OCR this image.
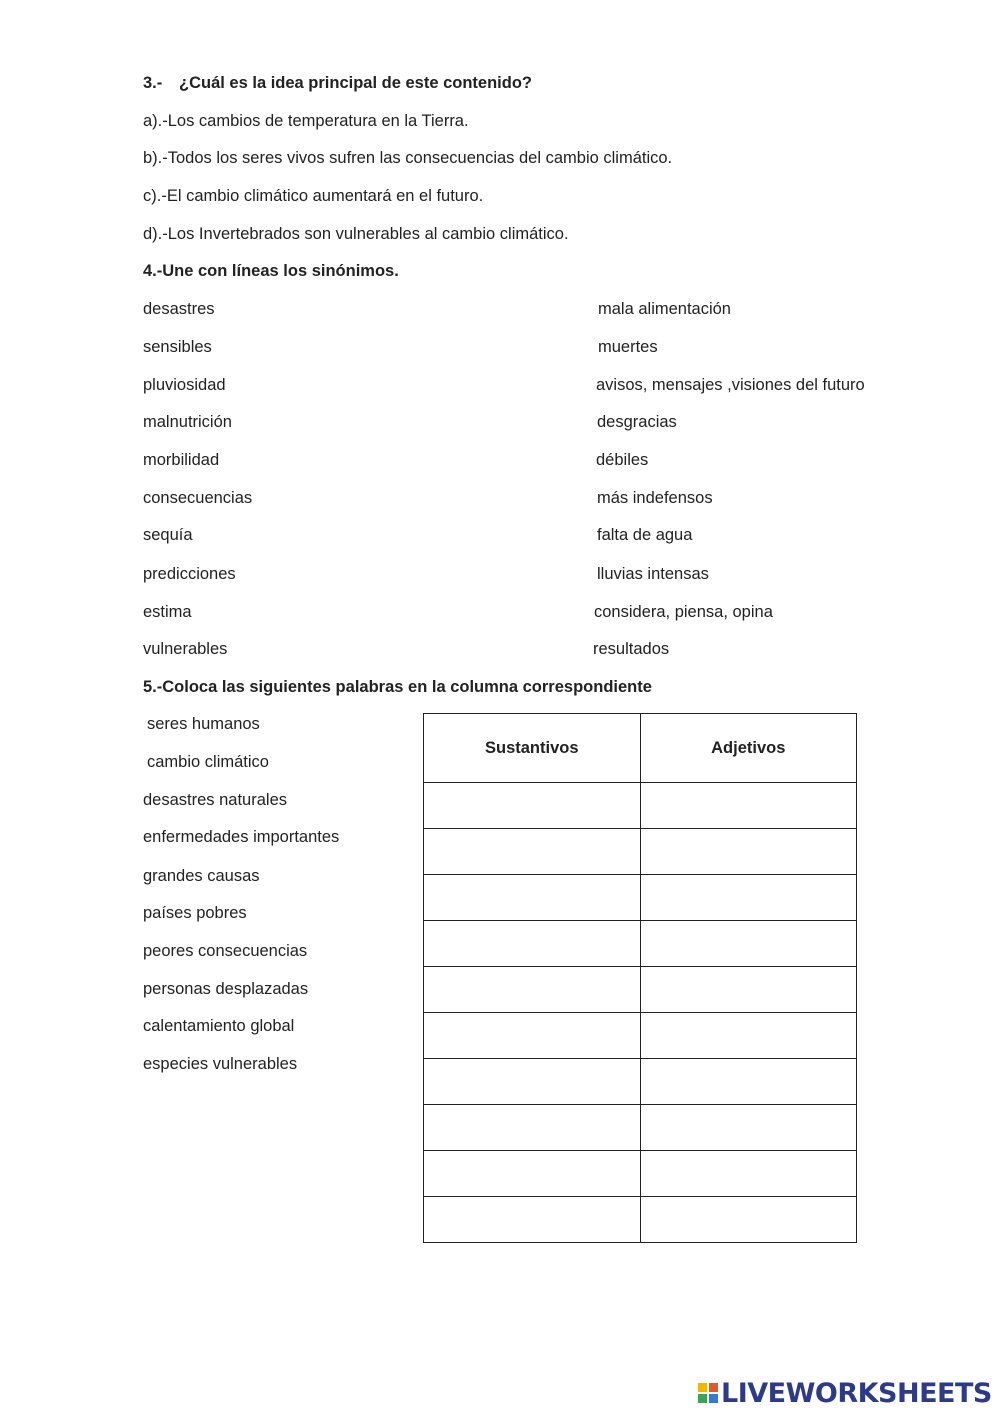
3.- ¿Cuál es la idea principal de este contenido?
a).-Los cambios de temperatura en la Tierra.
b).-Todos los seres vivos sufren las consecuencias del cambio climático.
c).-El cambio climático aumentará en el futuro.
d).-Los Invertebrados son vulnerables al cambio climático.
4.-Une con líneas los sinónimos.
desastres
sensibles
pluviosidad
malnutrición
morbilidad
consecuencias
sequía
predicciones
estima
vulnerables
mala alimentación
muertes
avisos, mensajes ,visiones del futuro
desgracias
débiles
más indefensos
falta de agua
lluvias intensas
considera, piensa, opina
resultados
5.-Coloca las siguientes palabras en la columna correspondiente
seres humanos
cambio climático
desastres naturales
enfermedades importantes
grandes causas
países pobres
peores consecuencias
personas desplazadas
calentamiento global
especies vulnerables
Sustantivos	Adjetivos

LIVEWORKSHEETS
